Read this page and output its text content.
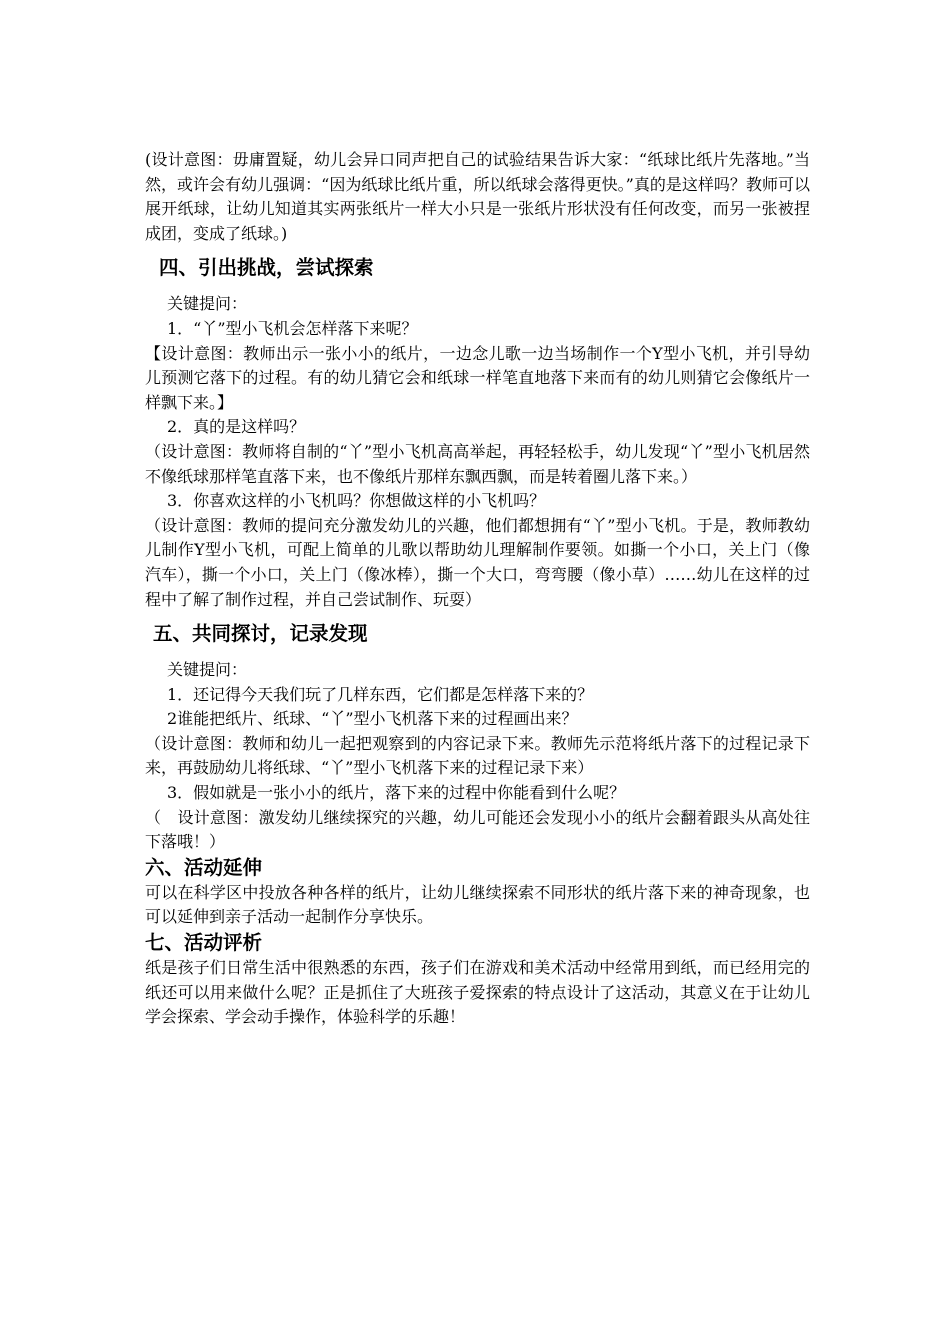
(设计意图：毋庸置疑，幼儿会异口同声把自己的试验结果告诉大家：“纸球比纸片先落地。”当然，或许会有幼儿强调：“因为纸球比纸片重，所以纸球会落得更快。”真的是这样吗？教师可以展开纸球，让幼儿知道其实两张纸片一样大小只是一张纸片形状没有任何改变，而另一张被捏成团，变成了纸球。)

四、引出挑战，尝试探索

关键提问：

1．“丫”型小飞机会怎样落下来呢？

【设计意图：教师出示一张小小的纸片，一边念儿歌一边当场制作一个Y型小飞机，并引导幼儿预测它落下的过程。有的幼儿猜它会和纸球一样笔直地落下来而有的幼儿则猜它会像纸片一样飘下来。】

2．真的是这样吗？

（设计意图：教师将自制的“丫”型小飞机高高举起，再轻轻松手，幼儿发现“丫”型小飞机居然不像纸球那样笔直落下来，也不像纸片那样东飘西飘，而是转着圈儿落下来。）

3．你喜欢这样的小飞机吗？你想做这样的小飞机吗？

（设计意图：教师的提问充分激发幼儿的兴趣，他们都想拥有“丫”型小飞机。于是，教师教幼儿制作Y型小飞机，可配上简单的儿歌以帮助幼儿理解制作要领。如撕一个小口，关上门（像汽车），撕一个小口，关上门（像冰棒），撕一个大口，弯弯腰（像小草）……幼儿在这样的过程中了解了制作过程，并自己尝试制作、玩耍）

五、共同探讨，记录发现

关键提问：

1．还记得今天我们玩了几样东西，它们都是怎样落下来的？

2谁能把纸片、纸球、“丫”型小飞机落下来的过程画出来？

（设计意图：教师和幼儿一起把观察到的内容记录下来。教师先示范将纸片落下的过程记录下来，再鼓励幼儿将纸球、“丫”型小飞机落下来的过程记录下来）

3．假如就是一张小小的纸片，落下来的过程中你能看到什么呢？

（　设计意图：激发幼儿继续探究的兴趣，幼儿可能还会发现小小的纸片会翻着跟头从高处往下落哦！）

六、活动延伸

可以在科学区中投放各种各样的纸片，让幼儿继续探索不同形状的纸片落下来的神奇现象，也可以延伸到亲子活动一起制作分享快乐。

七、活动评析

纸是孩子们日常生活中很熟悉的东西，孩子们在游戏和美术活动中经常用到纸，而已经用完的纸还可以用来做什么呢？正是抓住了大班孩子爱探索的特点设计了这活动，其意义在于让幼儿学会探索、学会动手操作，体验科学的乐趣！
